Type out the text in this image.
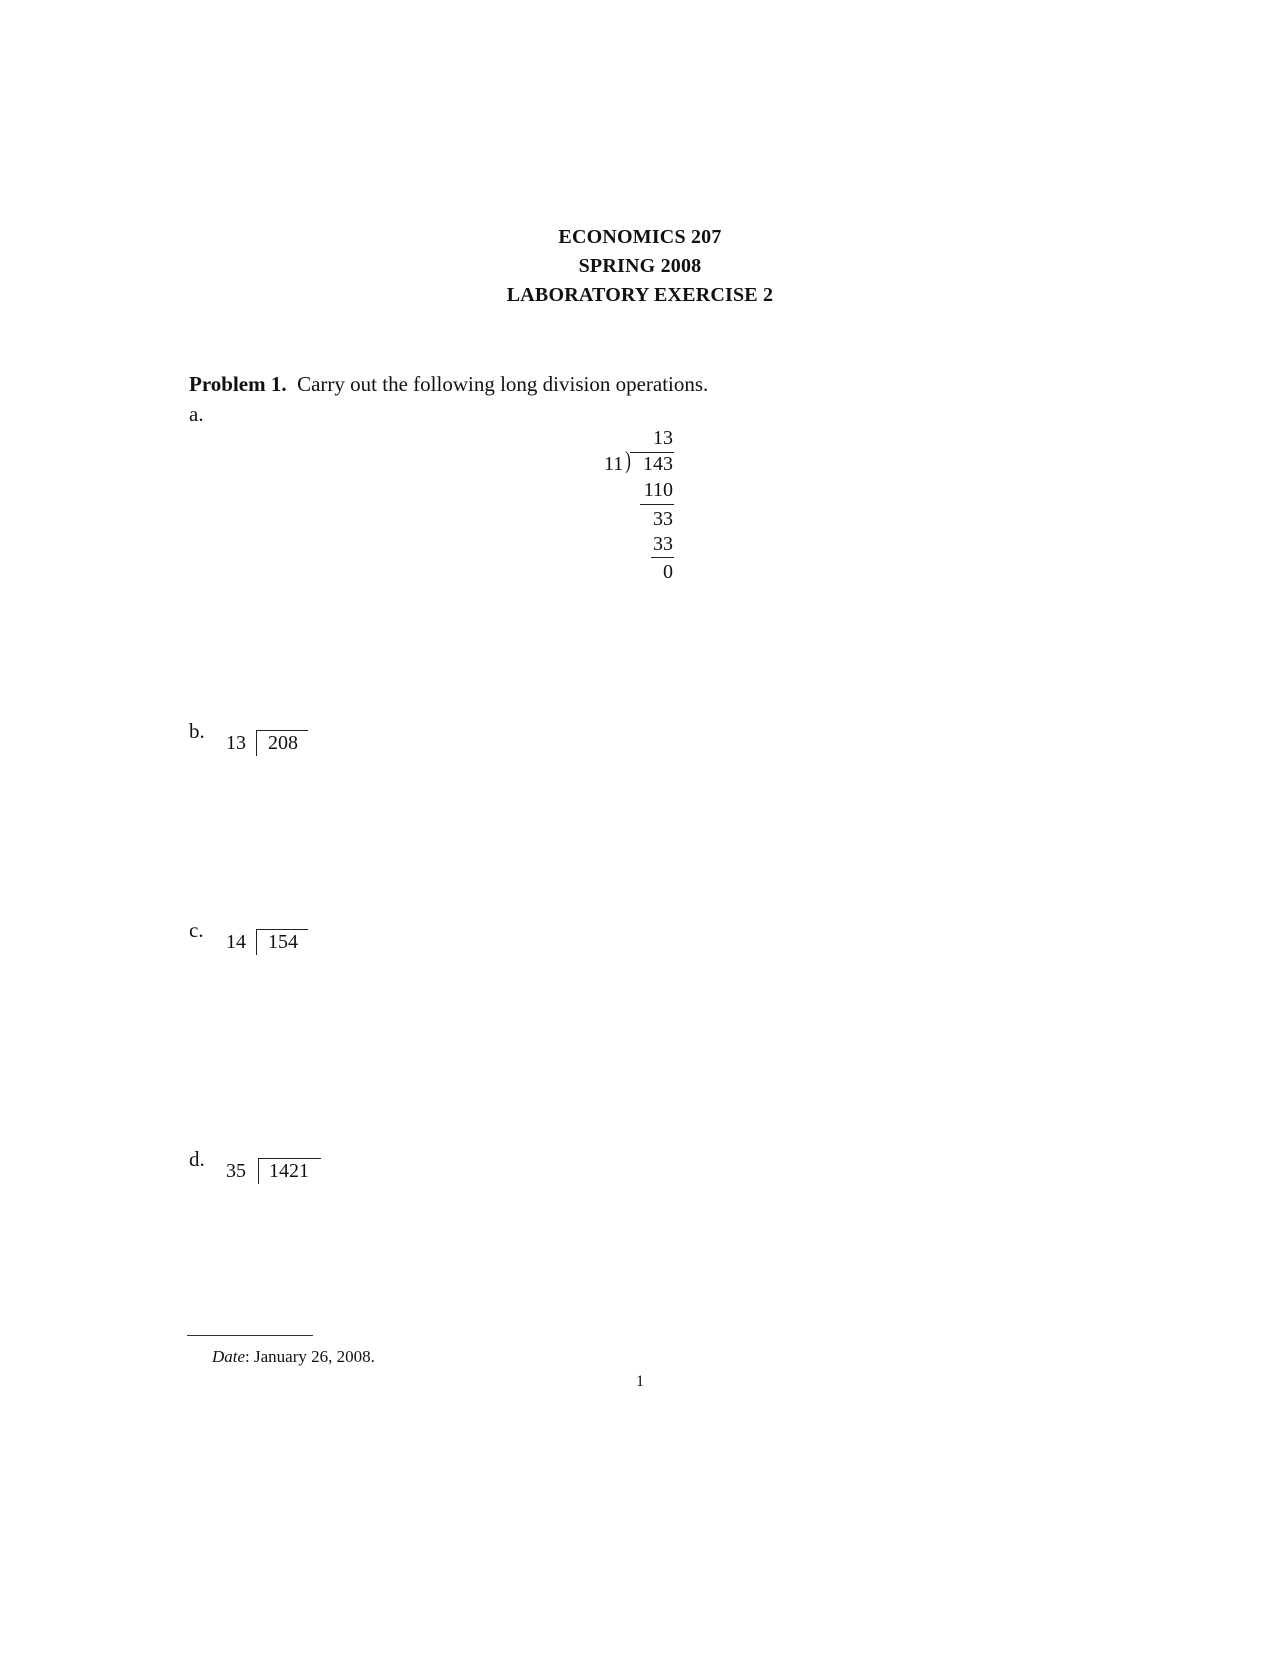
ECONOMICS 207
SPRING 2008
LABORATORY EXERCISE 2
Problem 1. Carry out the following long division operations.
a.
13
11 ) 143
110
33
33
0
b. 13 208
c. 14 154
d. 35 1421
Date: January 26, 2008.
1
